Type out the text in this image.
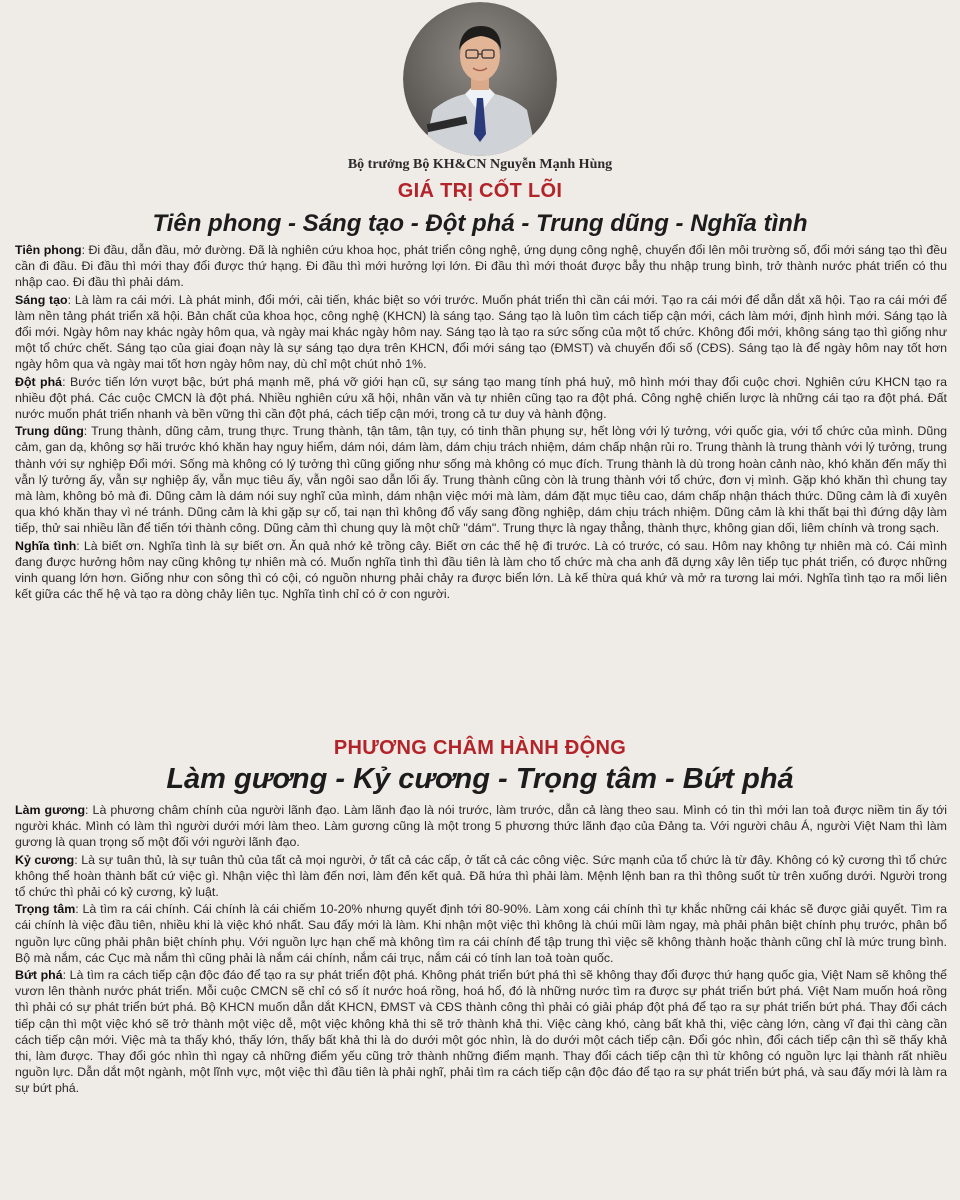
Bộ trưởng Bộ KH&CN Nguyễn Mạnh Hùng
GIÁ TRỊ CỐT LÕI
Tiên phong - Sáng tạo - Đột phá - Trung dũng - Nghĩa tình

Tiên phong: Đi đầu, dẫn đầu, mở đường. Đã là nghiên cứu khoa học, phát triển công nghệ, ứng dụng công nghệ, chuyển đổi lên môi trường số, đổi mới sáng tạo thì đều cần đi đầu. Đi đầu thì mới thay đổi được thứ hạng. Đi đầu thì mới hưởng lợi lớn. Đi đầu thì mới thoát được bẫy thu nhập trung bình, trở thành nước phát triển có thu nhập cao. Đi đầu thì phải dám.

Sáng tạo: Là làm ra cái mới. Là phát minh, đổi mới, cải tiến, khác biệt so với trước. Muốn phát triển thì cần cái mới. Tạo ra cái mới để dẫn dắt xã hội. Tạo ra cái mới để làm nền tảng phát triển xã hội. Bản chất của khoa học, công nghệ (KHCN) là sáng tạo. Sáng tạo là luôn tìm cách tiếp cận mới, cách làm mới, định hình mới. Sáng tạo là đổi mới. Ngày hôm nay khác ngày hôm qua, và ngày mai khác ngày hôm nay. Sáng tạo là tạo ra sức sống của một tổ chức. Không đổi mới, không sáng tạo thì giống như một tổ chức chết. Sáng tạo của giai đoạn này là sự sáng tạo dựa trên KHCN, đổi mới sáng tạo (ĐMST) và chuyển đổi số (CĐS). Sáng tạo là để ngày hôm nay tốt hơn ngày hôm qua và ngày mai tốt hơn ngày hôm nay, dù chỉ một chút nhỏ 1%.

Đột phá: Bước tiến lớn vượt bậc, bứt phá mạnh mẽ, phá vỡ giới hạn cũ, sự sáng tạo mang tính phá huỷ, mô hình mới thay đổi cuộc chơi. Nghiên cứu KHCN tạo ra nhiều đột phá. Các cuộc CMCN là đột phá. Nhiều nghiên cứu xã hội, nhân văn và tự nhiên cũng tạo ra đột phá. Công nghệ chiến lược là những cái tạo ra đột phá. Đất nước muốn phát triển nhanh và bền vững thì cần đột phá, cách tiếp cận mới, trong cả tư duy và hành động.

Trung dũng: Trung thành, dũng cảm, trung thực. Trung thành, tận tâm, tận tụy, có tinh thần phụng sự, hết lòng với lý tưởng, với quốc gia, với tổ chức của mình. Dũng cảm, gan dạ, không sợ hãi trước khó khăn hay nguy hiểm, dám nói, dám làm, dám chịu trách nhiệm, dám chấp nhận rủi ro. Trung thành là trung thành với lý tưởng, trung thành với sự nghiệp Đổi mới. Sống mà không có lý tưởng thì cũng giống như sống mà không có mục đích. Trung thành là dù trong hoàn cảnh nào, khó khăn đến mấy thì vẫn lý tưởng ấy, vẫn sự nghiệp ấy, vẫn mục tiêu ấy, vẫn ngôi sao dẫn lối ấy. Trung thành cũng còn là trung thành với tổ chức, đơn vị mình. Gặp khó khăn thì chung tay mà làm, không bỏ mà đi. Dũng cảm là dám nói suy nghĩ của mình, dám nhận việc mới mà làm, dám đặt mục tiêu cao, dám chấp nhận thách thức. Dũng cảm là đi xuyên qua khó khăn thay vì né tránh. Dũng cảm là khi gặp sự cố, tai nạn thì không đổ vấy sang đồng nghiệp, dám chịu trách nhiệm. Dũng cảm là khi thất bại thì đứng dậy làm tiếp, thử sai nhiều lần để tiến tới thành công. Dũng cảm thì chung quy là một chữ "dám". Trung thực là ngay thẳng, thành thực, không gian dối, liêm chính và trong sạch.

Nghĩa tình: Là biết ơn. Nghĩa tình là sự biết ơn. Ăn quả nhớ kẻ trồng cây. Biết ơn các thế hệ đi trước. Là có trước, có sau. Hôm nay không tự nhiên mà có. Cái mình đang được hưởng hôm nay cũng không tự nhiên mà có. Muốn nghĩa tình thì đầu tiên là làm cho tổ chức mà cha anh đã dựng xây lên tiếp tục phát triển, có được những vinh quang lớn hơn. Giống như con sông thì có cội, có nguồn nhưng phải chảy ra được biển lớn. Là kế thừa quá khứ và mở ra tương lai mới. Nghĩa tình tạo ra mối liên kết giữa các thế hệ và tạo ra dòng chảy liên tục. Nghĩa tình chỉ có ở con người.

PHƯƠNG CHÂM HÀNH ĐỘNG
Làm gương - Kỷ cương - Trọng tâm - Bứt phá

Làm gương: Là phương châm chính của người lãnh đạo. Làm lãnh đạo là nói trước, làm trước, dẫn cả làng theo sau. Mình có tin thì mới lan toả được niềm tin ấy tới người khác. Mình có làm thì người dưới mới làm theo. Làm gương cũng là một trong 5 phương thức lãnh đạo của Đảng ta. Với người châu Á, người Việt Nam thì làm gương là quan trọng số một đối với người lãnh đạo.

Kỷ cương: Là sự tuân thủ, là sự tuân thủ của tất cả mọi người, ở tất cả các cấp, ở tất cả các công việc. Sức mạnh của tổ chức là từ đây. Không có kỷ cương thì tổ chức không thể hoàn thành bất cứ việc gì. Nhận việc thì làm đến nơi, làm đến kết quả. Đã hứa thì phải làm. Mệnh lệnh ban ra thì thông suốt từ trên xuống dưới. Người trong tổ chức thì phải có kỷ cương, kỷ luật.

Trọng tâm: Là tìm ra cái chính. Cái chính là cái chiếm 10-20% nhưng quyết định tới 80-90%. Làm xong cái chính thì tự khắc những cái khác sẽ được giải quyết. Tìm ra cái chính là việc đầu tiên, nhiều khi là việc khó nhất. Sau đấy mới là làm. Khi nhận một việc thì không là chúi mũi làm ngay, mà phải phân biệt chính phụ trước, phân bổ nguồn lực cũng phải phân biệt chính phụ. Với nguồn lực hạn chế mà không tìm ra cái chính để tập trung thì việc sẽ không thành hoặc thành cũng chỉ là mức trung bình. Bộ mà nắm, các Cục mà nắm thì cũng phải là nắm cái chính, nắm cái trục, nắm cái có tính lan toả toàn quốc.

Bứt phá: Là tìm ra cách tiếp cận độc đáo để tạo ra sự phát triển đột phá. Không phát triển bứt phá thì sẽ không thay đổi được thứ hạng quốc gia, Việt Nam sẽ không thể vươn lên thành nước phát triển. Mỗi cuộc CMCN sẽ chỉ có số ít nước hoá rồng, hoá hổ, đó là những nước tìm ra được sự phát triển bứt phá. Việt Nam muốn hoá rồng thì phải có sự phát triển bứt phá. Bộ KHCN muốn dẫn dắt KHCN, ĐMST và CĐS thành công thì phải có giải pháp đột phá để tạo ra sự phát triển bứt phá. Thay đổi cách tiếp cận thì một việc khó sẽ trở thành một việc dễ, một việc không khả thi sẽ trở thành khả thi. Việc càng khó, càng bất khả thi, việc càng lớn, càng vĩ đại thì càng cần cách tiếp cận mới. Việc mà ta thấy khó, thấy lớn, thấy bất khả thi là do dưới một góc nhìn, là do dưới một cách tiếp cận. Đổi góc nhìn, đổi cách tiếp cận thì sẽ thấy khả thi, làm được. Thay đổi góc nhìn thì ngay cả những điểm yếu cũng trở thành những điểm mạnh. Thay đổi cách tiếp cận thì từ không có nguồn lực lại thành rất nhiều nguồn lực. Dẫn dắt một ngành, một lĩnh vực, một việc thì đầu tiên là phải nghĩ, phải tìm ra cách tiếp cận độc đáo để tạo ra sự phát triển bứt phá, và sau đấy mới là làm ra sự bứt phá.
